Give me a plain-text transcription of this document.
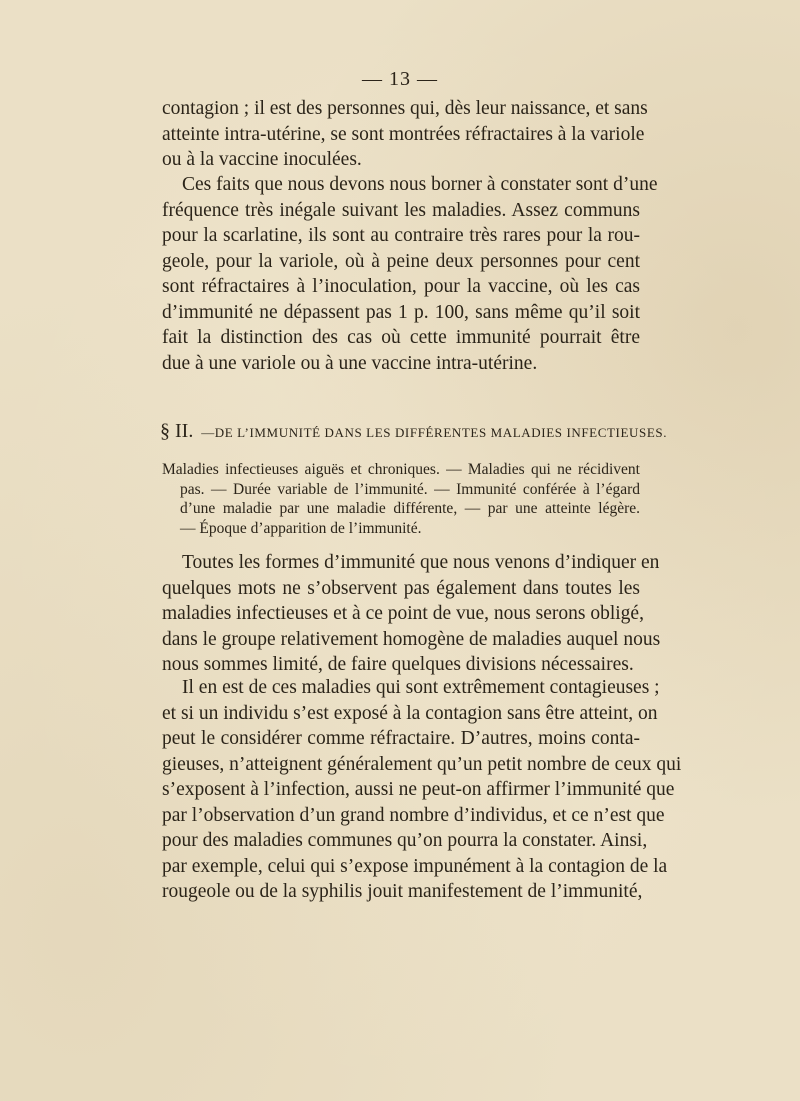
— 13 —
contagion ; il est des personnes qui, dès leur naissance, et sans
atteinte intra-utérine, se sont montrées réfractaires à la variole
ou à la vaccine inoculées.
Ces faits que nous devons nous borner à constater sont d’une
fréquence très inégale suivant les maladies. Assez communs
pour la scarlatine, ils sont au contraire très rares pour la rou-
geole, pour la variole, où à peine deux personnes pour cent
sont réfractaires à l’inoculation, pour la vaccine, où les cas
d’immunité ne dépassent pas 1 p. 100, sans même qu’il soit
fait la distinction des cas où cette immunité pourrait être
due à une variole ou à une vaccine intra-utérine.
§ II. — DE L’IMMUNITÉ DANS LES DIFFÉRENTES MALADIES INFECTIEUSES.
Maladies infectieuses aiguës et chroniques. — Maladies qui ne récidivent
pas. — Durée variable de l’immunité. — Immunité conférée à l’égard
d’une maladie par une maladie différente, — par une atteinte légère.
— Époque d’apparition de l’immunité.
Toutes les formes d’immunité que nous venons d’indiquer en
quelques mots ne s’observent pas également dans toutes les
maladies infectieuses et à ce point de vue, nous serons obligé,
dans le groupe relativement homogène de maladies auquel nous
nous sommes limité, de faire quelques divisions nécessaires.
Il en est de ces maladies qui sont extrêmement contagieuses ;
et si un individu s’est exposé à la contagion sans être atteint, on
peut le considérer comme réfractaire. D’autres, moins conta-
gieuses, n’atteignent généralement qu’un petit nombre de ceux qui
s’exposent à l’infection, aussi ne peut-on affirmer l’immunité que
par l’observation d’un grand nombre d’individus, et ce n’est que
pour des maladies communes qu’on pourra la constater. Ainsi,
par exemple, celui qui s’expose impunément à la contagion de la
rougeole ou de la syphilis jouit manifestement de l’immunité,
